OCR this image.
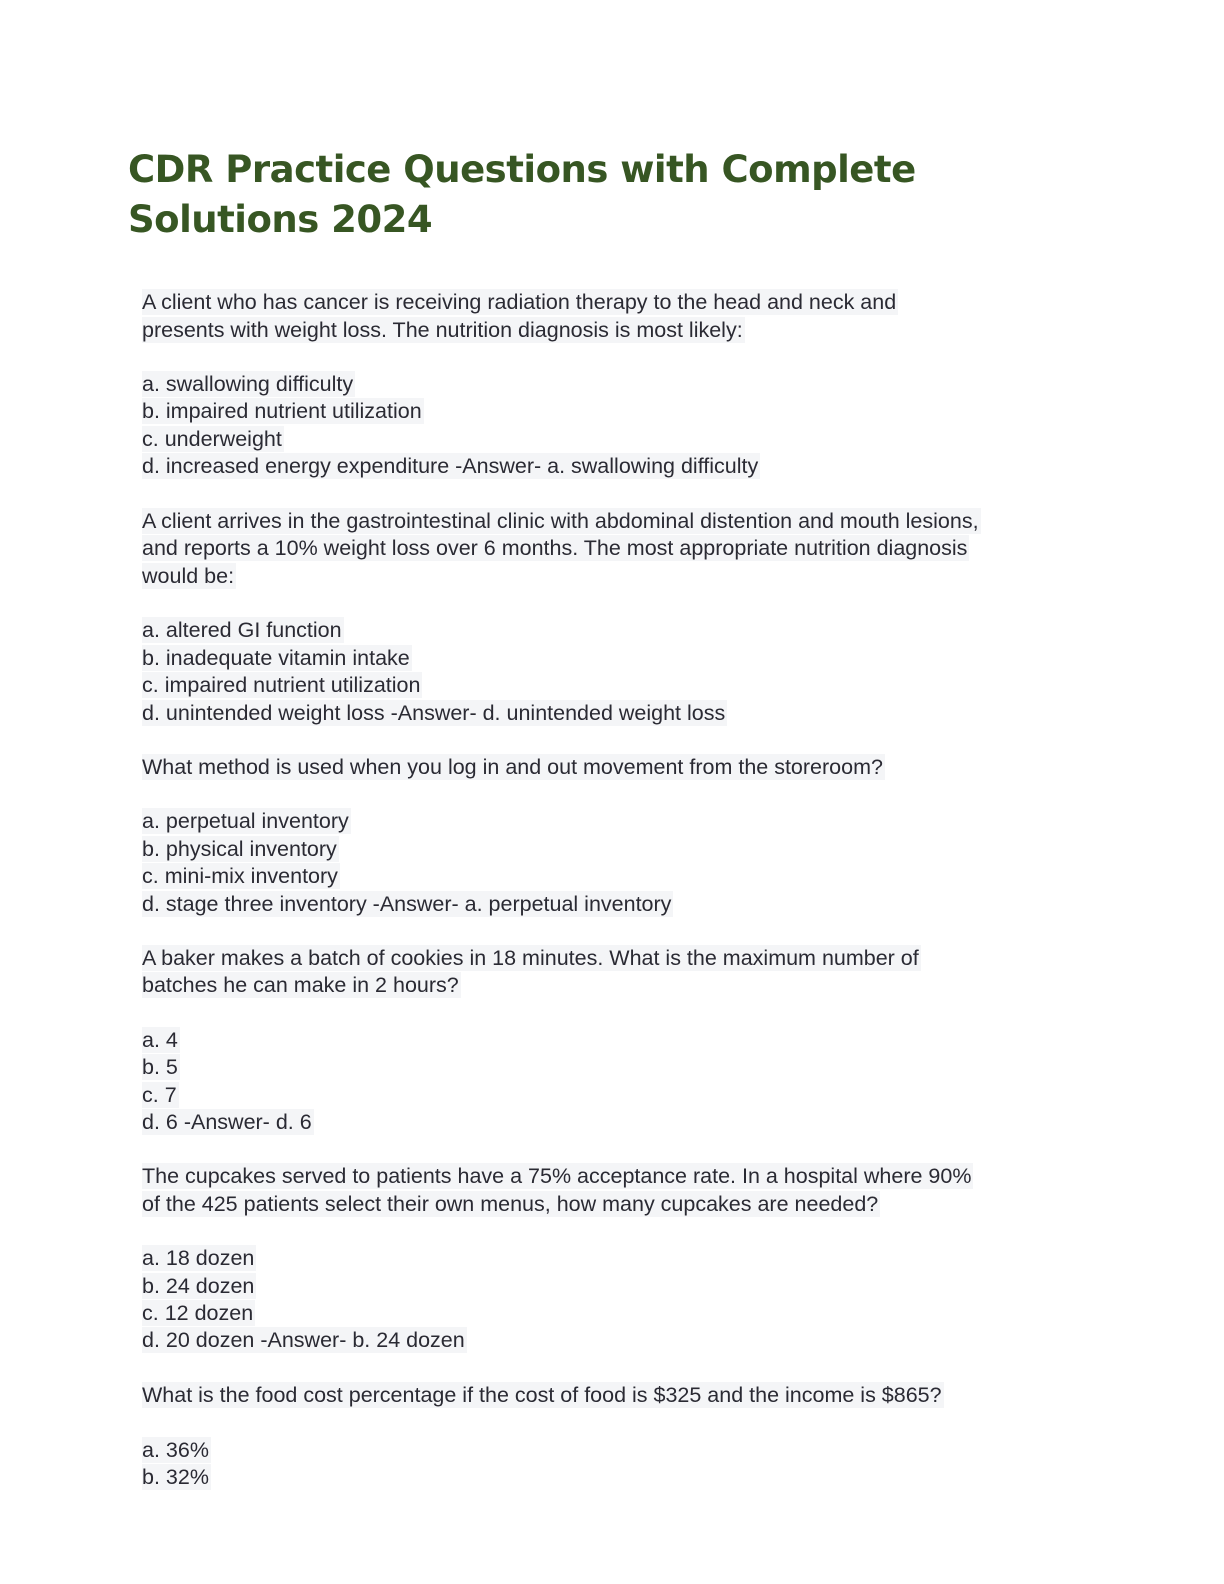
CDR Practice Questions with Complete Solutions 2024
A client who has cancer is receiving radiation therapy to the head and neck and
presents with weight loss. The nutrition diagnosis is most likely:
a. swallowing difficulty
b. impaired nutrient utilization
c. underweight
d. increased energy expenditure -Answer- a. swallowing difficulty
A client arrives in the gastrointestinal clinic with abdominal distention and mouth lesions,
and reports a 10% weight loss over 6 months. The most appropriate nutrition diagnosis
would be:
a. altered GI function
b. inadequate vitamin intake
c. impaired nutrient utilization
d. unintended weight loss -Answer- d. unintended weight loss
What method is used when you log in and out movement from the storeroom?
a. perpetual inventory
b. physical inventory
c. mini-mix inventory
d. stage three inventory -Answer- a. perpetual inventory
A baker makes a batch of cookies in 18 minutes. What is the maximum number of
batches he can make in 2 hours?
a. 4
b. 5
c. 7
d. 6 -Answer- d. 6
The cupcakes served to patients have a 75% acceptance rate. In a hospital where 90%
of the 425 patients select their own menus, how many cupcakes are needed?
a. 18 dozen
b. 24 dozen
c. 12 dozen
d. 20 dozen -Answer- b. 24 dozen
What is the food cost percentage if the cost of food is $325 and the income is $865?
a. 36%
b. 32%
